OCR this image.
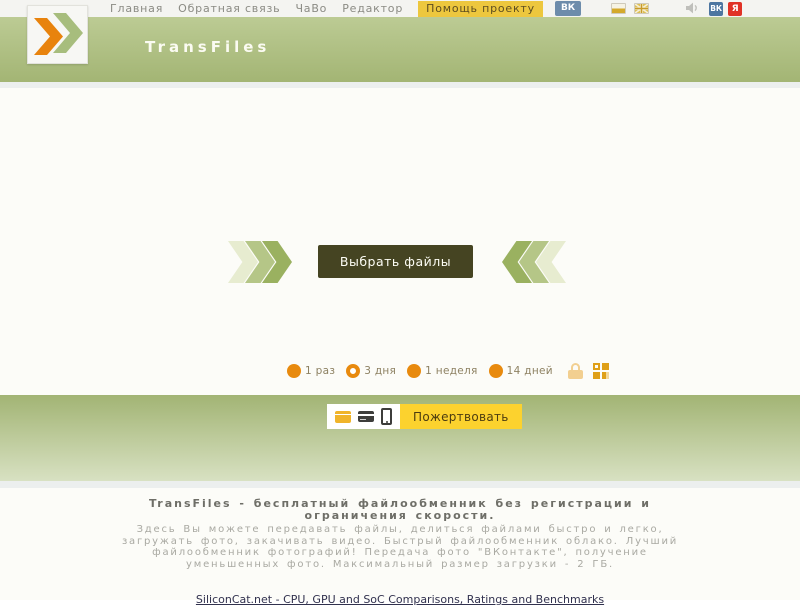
Главная Обратная связь ЧаВо Редактор	Помощь проекту	ВК	ВК	Я
TransFiles
Выбрать файлы
1 раз	3 дня	1 неделя	14 дней
Пожертвовать
TransFiles - бесплатный файлообменник без регистрации и ограничения скорости.
Здесь Вы можете передавать файлы, делиться файлами быстро и легко, загружать фото, закачивать видео. Быстрый файлообменник облако. Лучший файлообменник фотографий! Передача фото "ВКонтакте", получение уменьшенных фото. Максимальный размер загрузки - 2 ГБ.
SiliconCat.net - CPU, GPU and SoC Comparisons, Ratings and Benchmarks
